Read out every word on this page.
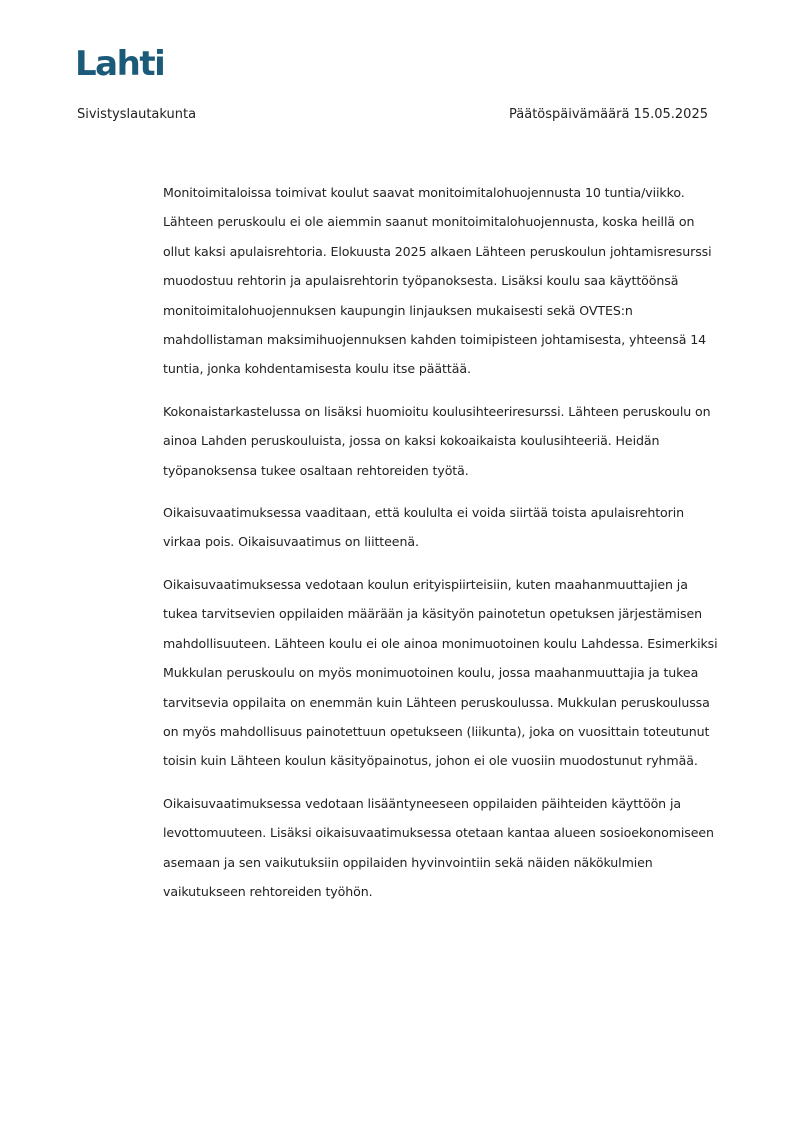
Lahti
Sivistyslautakunta	Päätöspäivämäärä 15.05.2025

Monitoimitaloissa toimivat koulut saavat monitoimitalohuojennusta 10 tuntia/viikko. Lähteen peruskoulu ei ole aiemmin saanut monitoimitalohuojennusta, koska heillä on ollut kaksi apulaisrehtoria. Elokuusta 2025 alkaen Lähteen peruskoulun johtamisresurssi muodostuu rehtorin ja apulaisrehtorin työpanoksesta. Lisäksi koulu saa käyttöönsä monitoimitalohuojennuksen kaupungin linjauksen mukaisesti sekä OVTES:n mahdollistaman maksimihuojennuksen kahden toimipisteen johtamisesta, yhteensä 14 tuntia, jonka kohdentamisesta koulu itse päättää.

Kokonaistarkastelussa on lisäksi huomioitu koulusihteeriresurssi. Lähteen peruskoulu on ainoa Lahden peruskouluista, jossa on kaksi kokoaikaista koulusihteeriä. Heidän työpanoksensa tukee osaltaan rehtoreiden työtä.

Oikaisuvaatimuksessa vaaditaan, että koululta ei voida siirtää toista apulaisrehtorin virkaa pois. Oikaisuvaatimus on liitteenä.

Oikaisuvaatimuksessa vedotaan koulun erityispiirteisiin, kuten maahanmuuttajien ja tukea tarvitsevien oppilaiden määrään ja käsityön painotetun opetuksen järjestämisen mahdollisuuteen. Lähteen koulu ei ole ainoa monimuotoinen koulu Lahdessa. Esimerkiksi Mukkulan peruskoulu on myös monimuotoinen koulu, jossa maahanmuuttajia ja tukea tarvitsevia oppilaita on enemmän kuin Lähteen peruskoulussa. Mukkulan peruskoulussa on myös mahdollisuus painotettuun opetukseen (liikunta), joka on vuosittain toteutunut toisin kuin Lähteen koulun käsityöpainotus, johon ei ole vuosiin muodostunut ryhmää.

Oikaisuvaatimuksessa vedotaan lisääntyneeseen oppilaiden päihteiden käyttöön ja levottomuuteen. Lisäksi oikaisuvaatimuksessa otetaan kantaa alueen sosioekonomiseen asemaan ja sen vaikutuksiin oppilaiden hyvinvointiin sekä näiden näkökulmien vaikutukseen rehtoreiden työhön.
